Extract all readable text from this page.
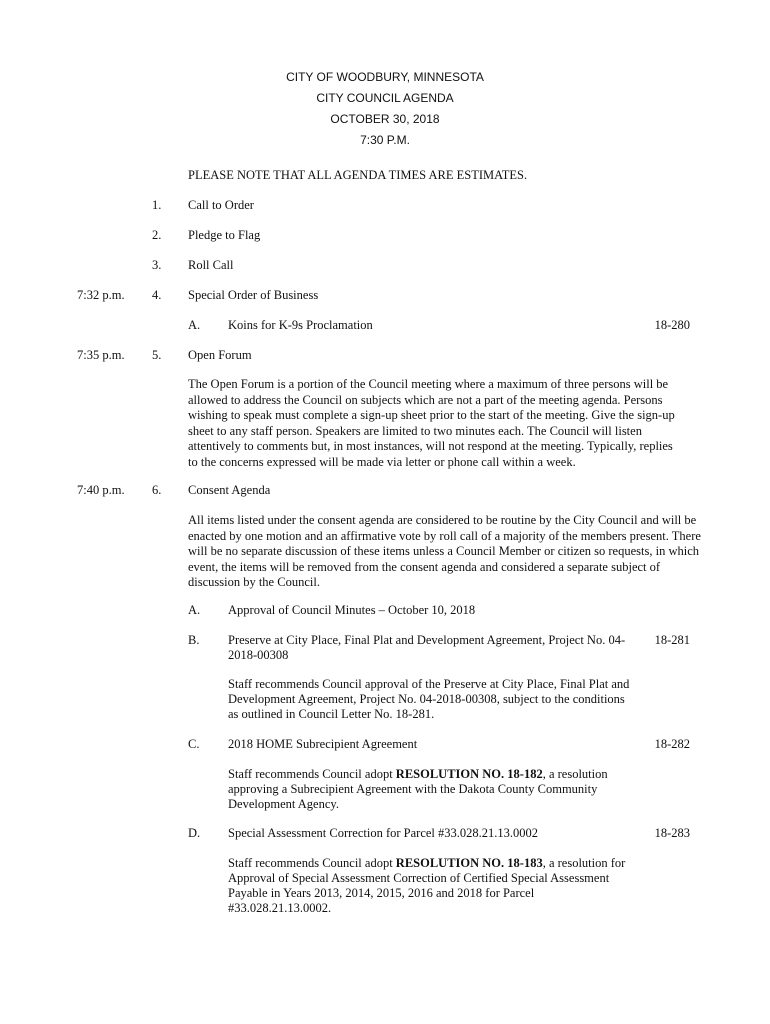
CITY OF WOODBURY, MINNESOTA
CITY COUNCIL AGENDA
OCTOBER 30, 2018
7:30 P.M.
PLEASE NOTE THAT ALL AGENDA TIMES ARE ESTIMATES.
1. Call to Order
2. Pledge to Flag
3. Roll Call
7:32 p.m. 4. Special Order of Business
A. Koins for K-9s Proclamation	18-280
7:35 p.m. 5. Open Forum
The Open Forum is a portion of the Council meeting where a maximum of three persons will be
allowed to address the Council on subjects which are not a part of the meeting agenda. Persons
wishing to speak must complete a sign-up sheet prior to the start of the meeting. Give the sign-up
sheet to any staff person. Speakers are limited to two minutes each. The Council will listen
attentively to comments but, in most instances, will not respond at the meeting. Typically, replies
to the concerns expressed will be made via letter or phone call within a week.
7:40 p.m. 6. Consent Agenda
All items listed under the consent agenda are considered to be routine by the City Council and will be
enacted by one motion and an affirmative vote by roll call of a majority of the members present. There
will be no separate discussion of these items unless a Council Member or citizen so requests, in which
event, the items will be removed from the consent agenda and considered a separate subject of
discussion by the Council.
A. Approval of Council Minutes – October 10, 2018
B. Preserve at City Place, Final Plat and Development Agreement, Project No. 04-
2018-00308
18-281
Staff recommends Council approval of the Preserve at City Place, Final Plat and
Development Agreement, Project No. 04-2018-00308, subject to the conditions
as outlined in Council Letter No. 18-281.
C. 2018 HOME Subrecipient Agreement	18-282
Staff recommends Council adopt RESOLUTION NO. 18-182, a resolution
approving a Subrecipient Agreement with the Dakota County Community
Development Agency.
D. Special Assessment Correction for Parcel #33.028.21.13.0002	18-283
Staff recommends Council adopt RESOLUTION NO. 18-183, a resolution for
Approval of Special Assessment Correction of Certified Special Assessment
Payable in Years 2013, 2014, 2015, 2016 and 2018 for Parcel
#33.028.21.13.0002.
